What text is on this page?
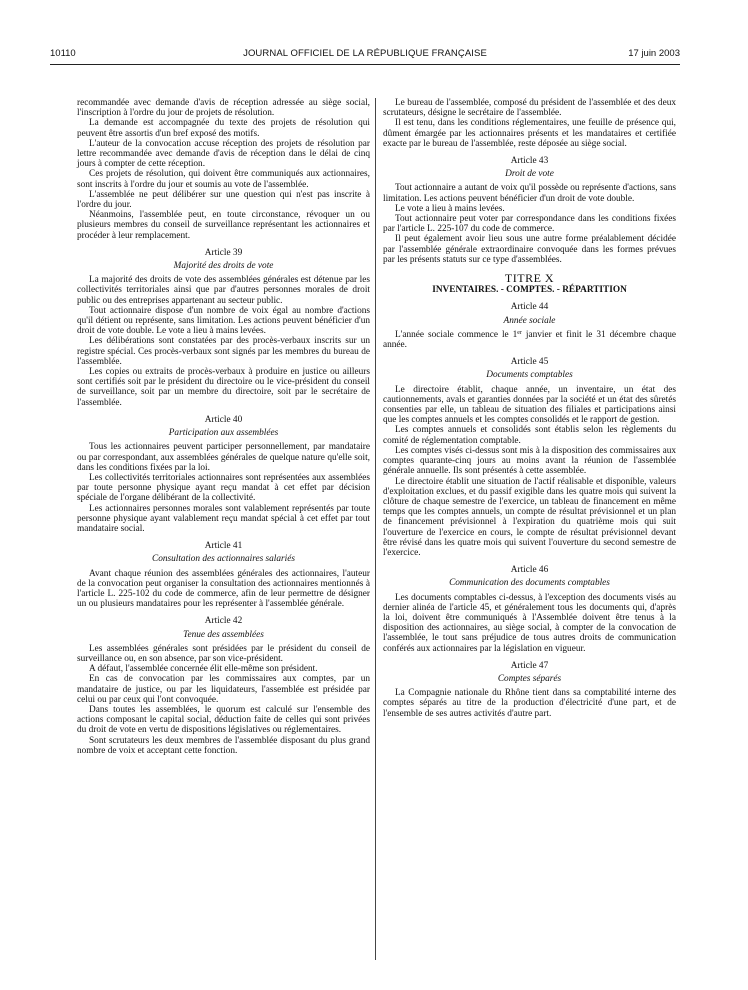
10110	JOURNAL OFFICIEL DE LA RÉPUBLIQUE FRANÇAISE	17 juin 2003

recommandée avec demande d'avis de réception adressée au siège social, l'inscription à l'ordre du jour de projets de résolution.

La demande est accompagnée du texte des projets de résolution qui peuvent être assortis d'un bref exposé des motifs.

L'auteur de la convocation accuse réception des projets de résolution par lettre recommandée avec demande d'avis de réception dans le délai de cinq jours à compter de cette réception.

Ces projets de résolution, qui doivent être communiqués aux actionnaires, sont inscrits à l'ordre du jour et soumis au vote de l'assemblée.

L'assemblée ne peut délibérer sur une question qui n'est pas inscrite à l'ordre du jour.

Néanmoins, l'assemblée peut, en toute circonstance, révoquer un ou plusieurs membres du conseil de surveillance représentant les actionnaires et procéder à leur remplacement.

Article 39
Majorité des droits de vote

La majorité des droits de vote des assemblées générales est détenue par les collectivités territoriales ainsi que par d'autres personnes morales de droit public ou des entreprises appartenant au secteur public.

Tout actionnaire dispose d'un nombre de voix égal au nombre d'actions qu'il détient ou représente, sans limitation. Les actions peuvent bénéficier d'un droit de vote double. Le vote a lieu à mains levées.

Les délibérations sont constatées par des procès-verbaux inscrits sur un registre spécial. Ces procès-verbaux sont signés par les membres du bureau de l'assemblée.

Les copies ou extraits de procès-verbaux à produire en justice ou ailleurs sont certifiés soit par le président du directoire ou le vice-président du conseil de surveillance, soit par un membre du directoire, soit par le secrétaire de l'assemblée.

Article 40
Participation aux assemblées

Tous les actionnaires peuvent participer personnellement, par mandataire ou par correspondant, aux assemblées générales de quelque nature qu'elle soit, dans les conditions fixées par la loi.

Les collectivités territoriales actionnaires sont représentées aux assemblées par toute personne physique ayant reçu mandat à cet effet par décision spéciale de l'organe délibérant de la collectivité.

Les actionnaires personnes morales sont valablement représentés par toute personne physique ayant valablement reçu mandat spécial à cet effet par tout mandataire social.

Article 41
Consultation des actionnaires salariés

Avant chaque réunion des assemblées générales des actionnaires, l'auteur de la convocation peut organiser la consultation des actionnaires mentionnés à l'article L. 225-102 du code de commerce, afin de leur permettre de désigner un ou plusieurs mandataires pour les représenter à l'assemblée générale.

Article 42
Tenue des assemblées

Les assemblées générales sont présidées par le président du conseil de surveillance ou, en son absence, par son vice-président.

A défaut, l'assemblée concernée élit elle-même son président.

En cas de convocation par les commissaires aux comptes, par un mandataire de justice, ou par les liquidateurs, l'assemblée est présidée par celui ou par ceux qui l'ont convoquée.

Dans toutes les assemblées, le quorum est calculé sur l'ensemble des actions composant le capital social, déduction faite de celles qui sont privées du droit de vote en vertu de dispositions législatives ou réglementaires.

Sont scrutateurs les deux membres de l'assemblée disposant du plus grand nombre de voix et acceptant cette fonction.

Le bureau de l'assemblée, composé du président de l'assemblée et des deux scrutateurs, désigne le secrétaire de l'assemblée.

Il est tenu, dans les conditions réglementaires, une feuille de présence qui, dûment émargée par les actionnaires présents et les mandataires et certifiée exacte par le bureau de l'assemblée, reste déposée au siège social.

Article 43
Droit de vote

Tout actionnaire a autant de voix qu'il possède ou représente d'actions, sans limitation. Les actions peuvent bénéficier d'un droit de vote double.

Le vote a lieu à mains levées.

Tout actionnaire peut voter par correspondance dans les conditions fixées par l'article L. 225-107 du code de commerce.

Il peut également avoir lieu sous une autre forme préalablement décidée par l'assemblée générale extraordinaire convoquée dans les formes prévues par les présents statuts sur ce type d'assemblées.

TITRE X
INVENTAIRES. - COMPTES. - RÉPARTITION
Article 44
Année sociale

L'année sociale commence le 1er janvier et finit le 31 décembre chaque année.

Article 45
Documents comptables

Le directoire établit, chaque année, un inventaire, un état des cautionnements, avals et garanties données par la société et un état des sûretés consenties par elle, un tableau de situation des filiales et participations ainsi que les comptes annuels et les comptes consolidés et le rapport de gestion.

Les comptes annuels et consolidés sont établis selon les règlements du comité de réglementation comptable.

Les comptes visés ci-dessus sont mis à la disposition des commissaires aux comptes quarante-cinq jours au moins avant la réunion de l'assemblée générale annuelle. Ils sont présentés à cette assemblée.

Le directoire établit une situation de l'actif réalisable et disponible, valeurs d'exploitation exclues, et du passif exigible dans les quatre mois qui suivent la clôture de chaque semestre de l'exercice, un tableau de financement en même temps que les comptes annuels, un compte de résultat prévisionnel et un plan de financement prévisionnel à l'expiration du quatrième mois qui suit l'ouverture de l'exercice en cours, le compte de résultat prévisionnel devant être révisé dans les quatre mois qui suivent l'ouverture du second semestre de l'exercice.

Article 46
Communication des documents comptables

Les documents comptables ci-dessus, à l'exception des documents visés au dernier alinéa de l'article 45, et généralement tous les documents qui, d'après la loi, doivent être communiqués à l'Assemblée doivent être tenus à la disposition des actionnaires, au siège social, à compter de la convocation de l'assemblée, le tout sans préjudice de tous autres droits de communication conférés aux actionnaires par la législation en vigueur.

Article 47
Comptes séparés

La Compagnie nationale du Rhône tient dans sa comptabilité interne des comptes séparés au titre de la production d'électricité d'une part, et de l'ensemble de ses autres activités d'autre part.
